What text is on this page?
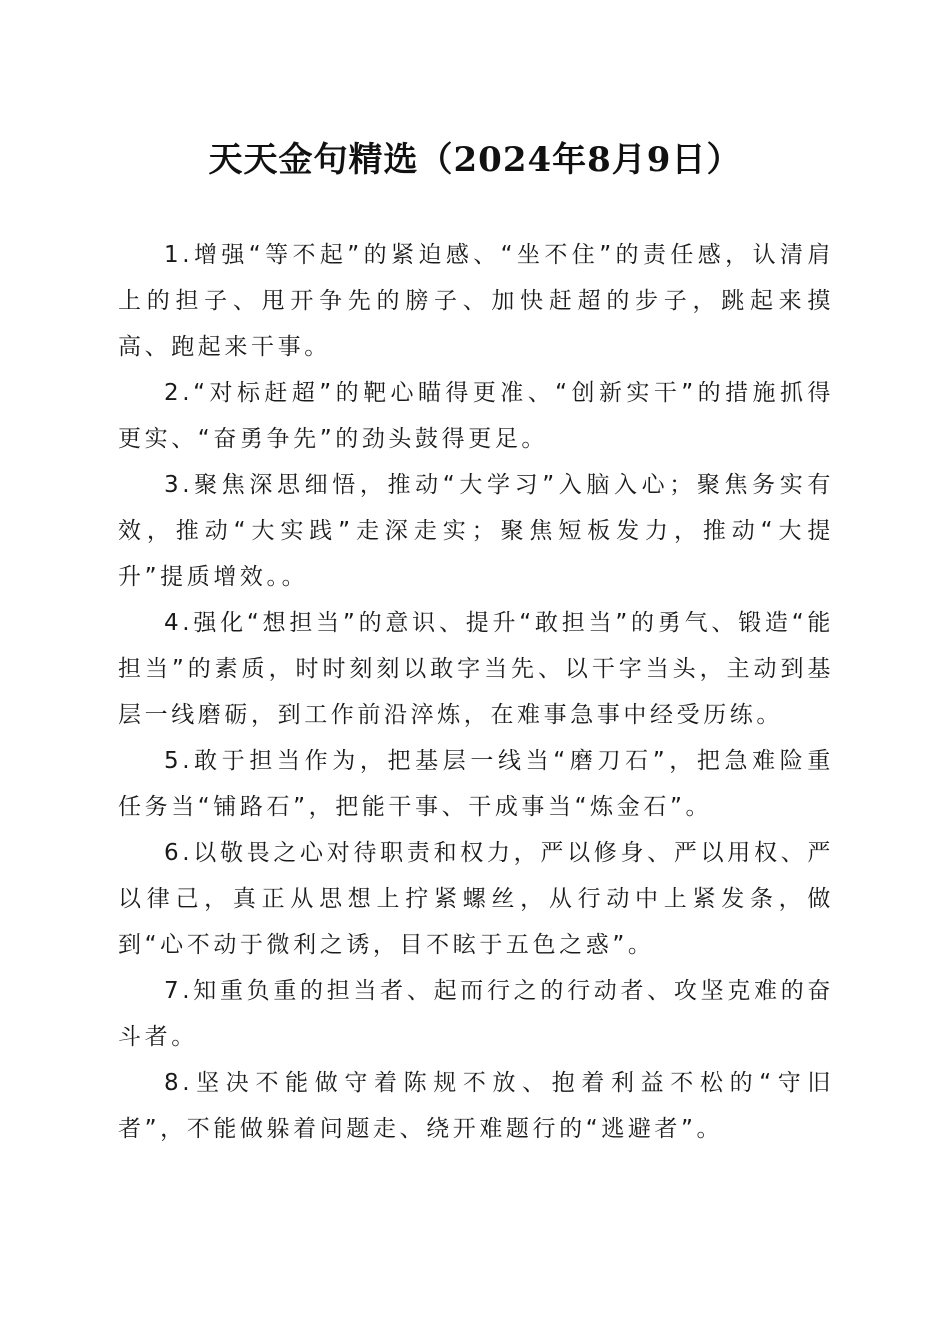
天天金句精选（2024年8月9日）

1.增强“等不起”的紧迫感、“坐不住”的责任感，认清肩上的担子、甩开争先的膀子、加快赶超的步子，跳起来摸高、跑起来干事。

2.“对标赶超”的靶心瞄得更准、“创新实干”的措施抓得更实、“奋勇争先”的劲头鼓得更足。

3.聚焦深思细悟，推动“大学习”入脑入心；聚焦务实有效，推动“大实践”走深走实；聚焦短板发力，推动“大提升”提质增效。。

4.强化“想担当”的意识、提升“敢担当”的勇气、锻造“能担当”的素质，时时刻刻以敢字当先、以干字当头，主动到基层一线磨砺，到工作前沿淬炼，在难事急事中经受历练。

5.敢于担当作为，把基层一线当“磨刀石”，把急难险重任务当“铺路石”，把能干事、干成事当“炼金石”。

6.以敬畏之心对待职责和权力，严以修身、严以用权、严以律己，真正从思想上拧紧螺丝，从行动中上紧发条，做到“心不动于微利之诱，目不眩于五色之惑”。

7.知重负重的担当者、起而行之的行动者、攻坚克难的奋斗者。

8.坚决不能做守着陈规不放、抱着利益不松的“守旧者”，不能做躲着问题走、绕开难题行的“逃避者”。
